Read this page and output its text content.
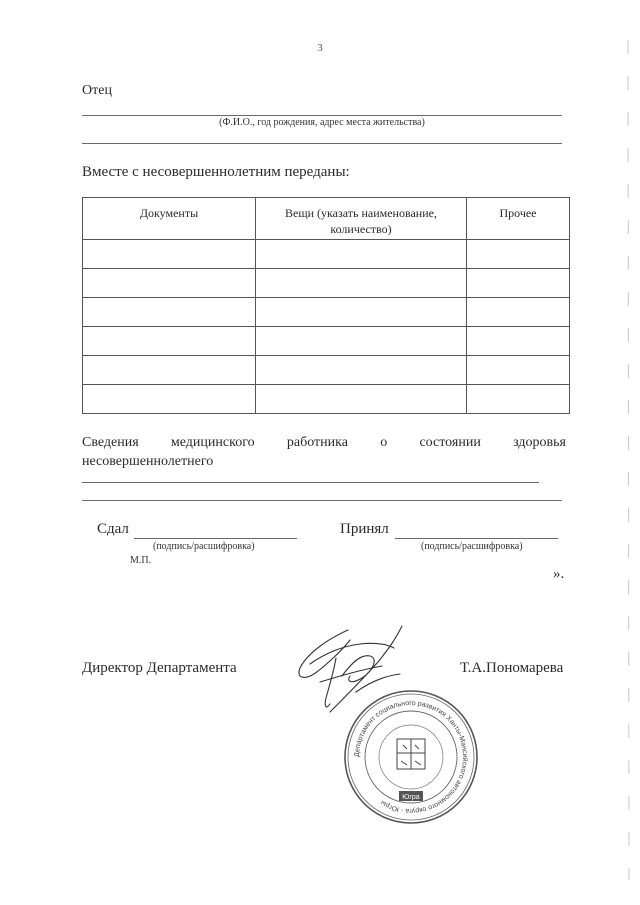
3
Отец
(Ф.И.О., год рождения, адрес места жительства)
Вместе с несовершеннолетним переданы:
Документы	Вещи (указать наименование, количество)	Прочее

Сведения медицинского работника о состоянии здоровья
несовершеннолетнего
Сдал
(подпись/расшифровка)
М.П.
Принял
(подпись/расшифровка)
».
Директор Департамента	Т.А.Пономарева
Департамент социального развития Ханты-Мансийского автономного округа - Югры
Югра
